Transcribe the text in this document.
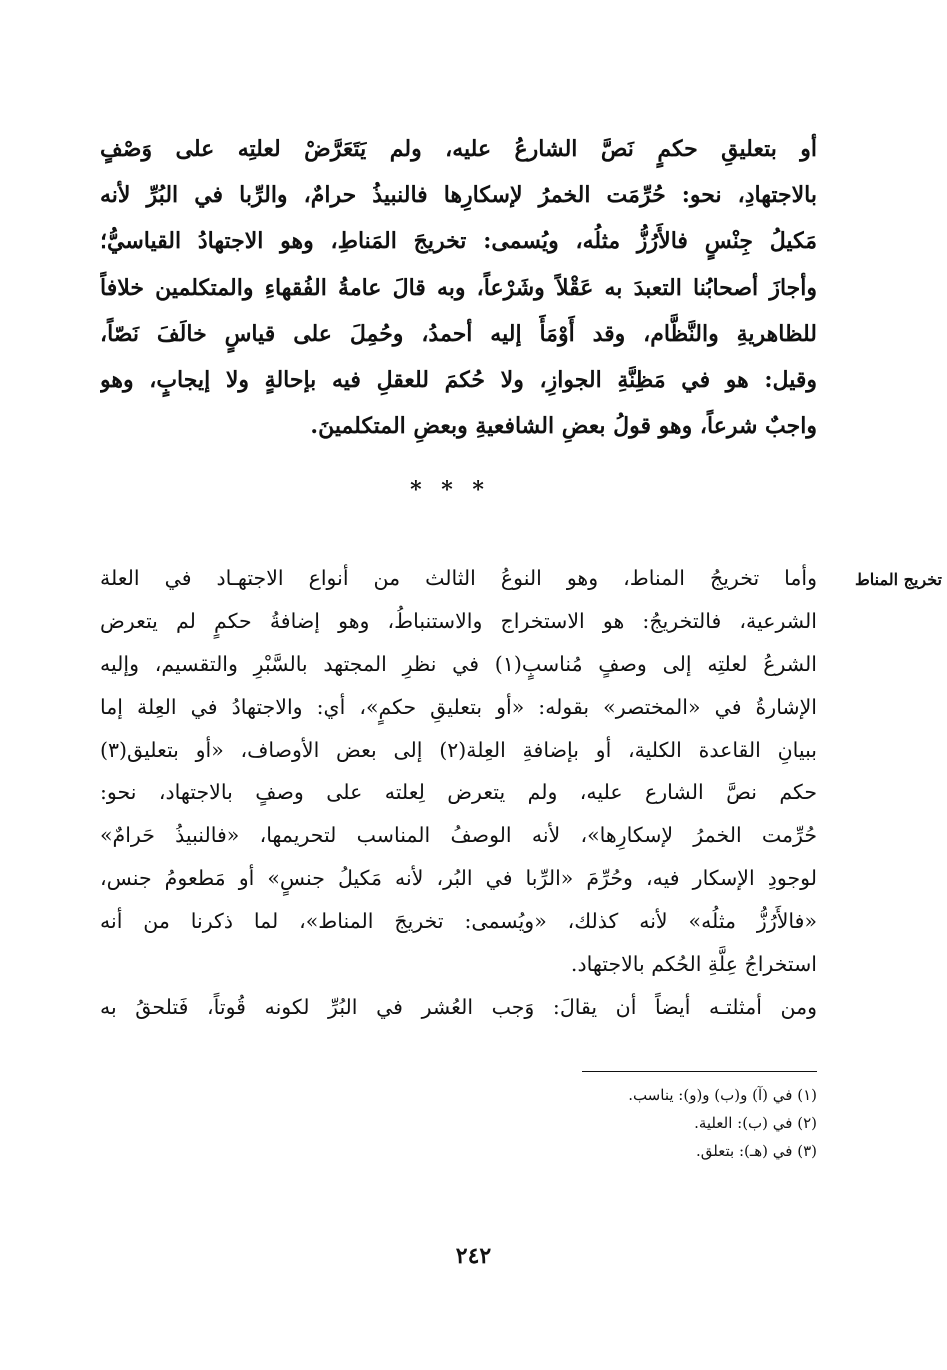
أو بتعليقِ حكمٍ نَصَّ الشارعُ عليه، ولم يَتَعَرَّضْ لعلتِه على وَصْفٍ
بالاجتهادِ، نحو: حُرِّمَت الخمرُ لإسكارِها فالنبيذُ حرامٌ، والرِّبا في البُرِّ لأنه
مَكيلُ جِنْسٍ فالأَرُزُّ مثلُه، ويُسمى: تخريجَ المَناطِ، وهو الاجتهادُ القياسيُّ؛
وأجازَ أصحابُنا التعبدَ به عَقْلاً وشَرْعاً، وبه قالَ عامةُ الفُقهاءِ والمتكلمين خلافاً
للظاهريةِ والنَّظَّام، وقد أَوْمَأَ إليه أحمدُ، وحُمِلَ على قياسٍ خالَفَ نَصّاً،
وقيل: هو في مَظِنَّةِ الجوازِ، ولا حُكمَ للعقلِ فيه بإحالةٍ ولا إيجابٍ، وهو
واجبٌ شرعاً، وهو قولُ بعضِ الشافعيةِ وبعضِ المتكلمينَ.
* * *
تخريج المناط
وأما تخريجُ المناط، وهو النوعُ الثالث من أنواع الاجتهـاد في العلة
الشرعية، فالتخريجُ: هو الاستخراج والاستنباطُ، وهو إضافةُ حكمٍ لم يتعرض
الشرعُ لعلتِه إلى وصفٍ مُناسبٍ(١) في نظرِ المجتهد بالسَّبْرِ والتقسيم، وإليه
الإشارةُ في «المختصر» بقوله: «أو بتعليقِ حكمٍ»، أي: والاجتهادُ في العِلة إما
ببيانِ القاعدة الكلية، أو بإضافةِ العِلة(٢) إلى بعض الأوصاف، «أو بتعليق(٣)
حكم نصَّ الشارع عليه، ولم يتعرض لِعلته على وصفٍ بالاجتهاد، نحو:
حُرِّمت الخمرُ لإسكارِها»، لأنه الوصفُ المناسب لتحريمها، «فالنبيذُ حَرامٌ»
لوجودِ الإسكار فيه، وحُرِّمَ «الرِّبا في البُر، لأنه مَكيلُ جنسٍ» أو مَطعومُ جنس،
«فالأَرُزُّ مثلُه» لأنه كذلك، «ويُسمى: تخريجَ المناط»، لما ذكرنا من أنه
استخراجُ عِلَّةِ الحُكم بالاجتهاد.
ومن أمثلتـه أيضاً أن يقالَ: وَجب العُشر في البُرِّ لكونه قُوتاً، فَتلحقُ به
(١) في (آ) و(ب) و(و): يناسب.
(٢) في (ب): العلية.
(٣) في (هـ): بتعلق.
٢٤٢
